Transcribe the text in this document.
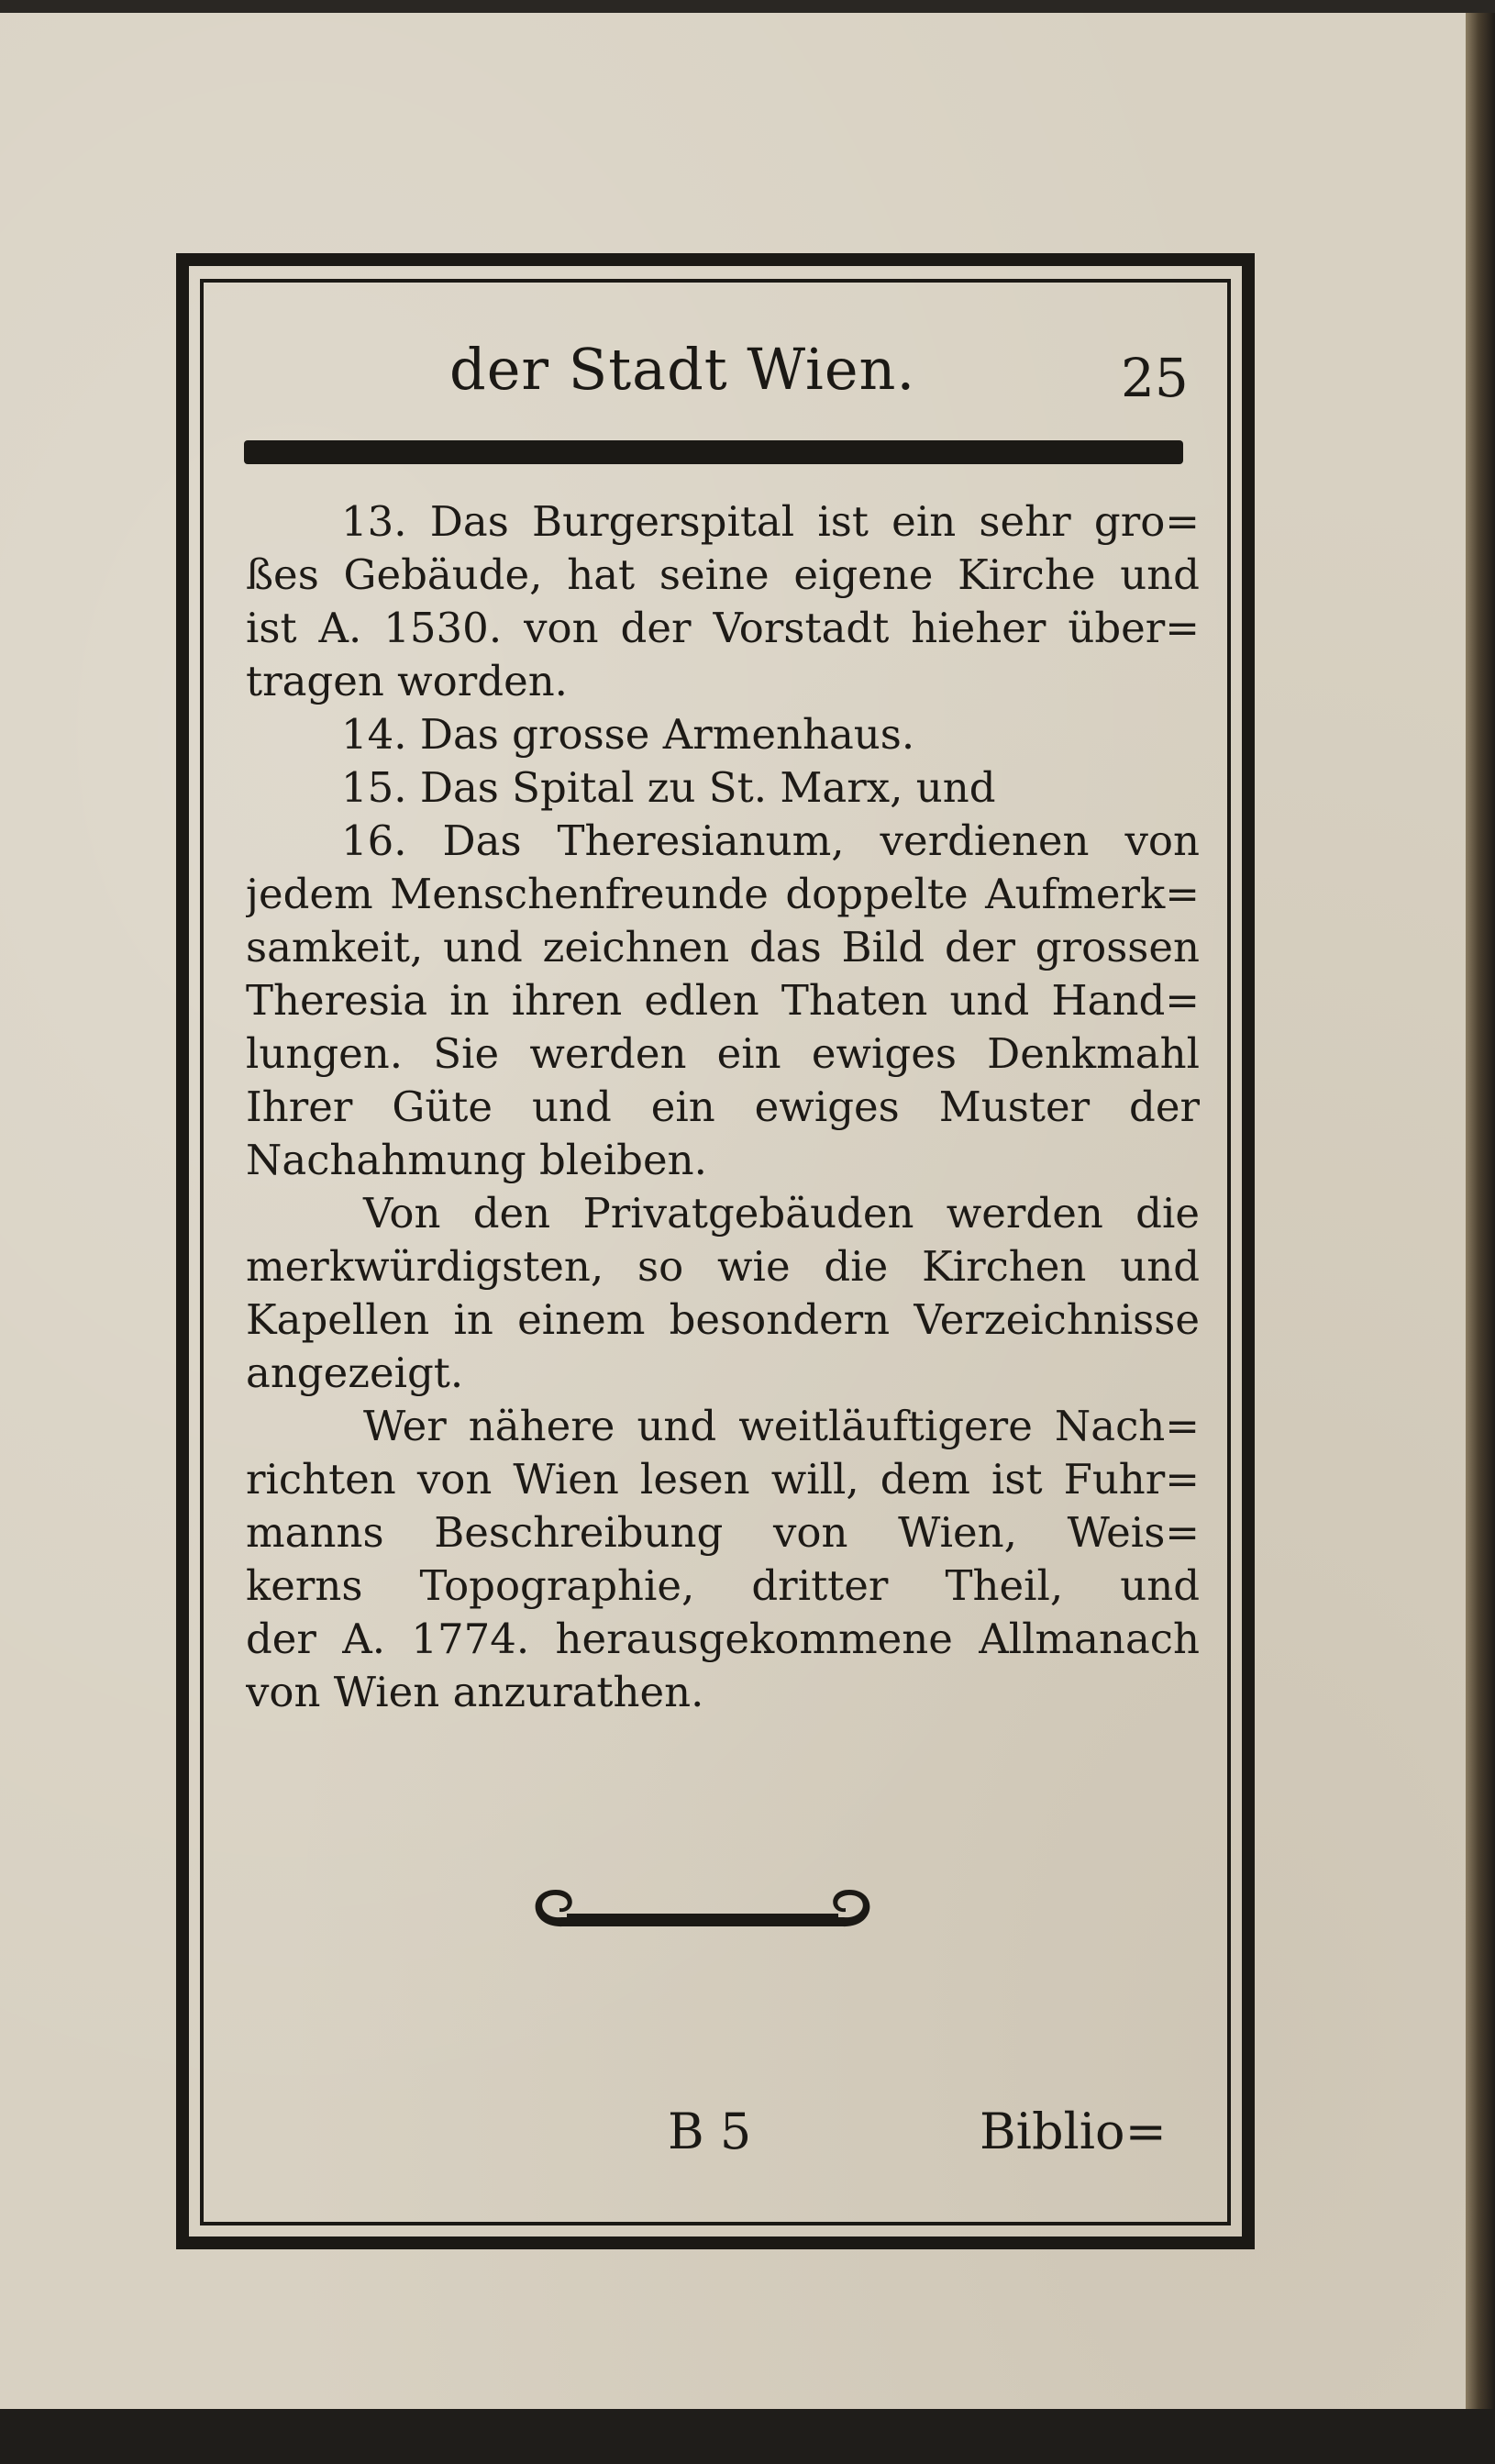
der Stadt Wien.	25
13. Das Burgerspital ist ein sehr gro=
ßes Gebäude, hat seine eigene Kirche und
ist A. 1530. von der Vorstadt hieher über=
tragen worden.
14. Das grosse Armenhaus.
15. Das Spital zu St. Marx, und
16. Das Theresianum, verdienen von
jedem Menschenfreunde doppelte Aufmerk=
samkeit, und zeichnen das Bild der grossen
Theresia in ihren edlen Thaten und Hand=
lungen. Sie werden ein ewiges Denkmahl
Ihrer Güte und ein ewiges Muster der
Nachahmung bleiben.
Von den Privatgebäuden werden die
merkwürdigsten, so wie die Kirchen und
Kapellen in einem besondern Verzeichnisse
angezeigt.
Wer nähere und weitläuftigere Nach=
richten von Wien lesen will, dem ist Fuhr=
manns Beschreibung von Wien, Weis=
kerns Topographie, dritter Theil, und
der A. 1774. herausgekommene Allmanach
von Wien anzurathen.
B 5	Biblio=
